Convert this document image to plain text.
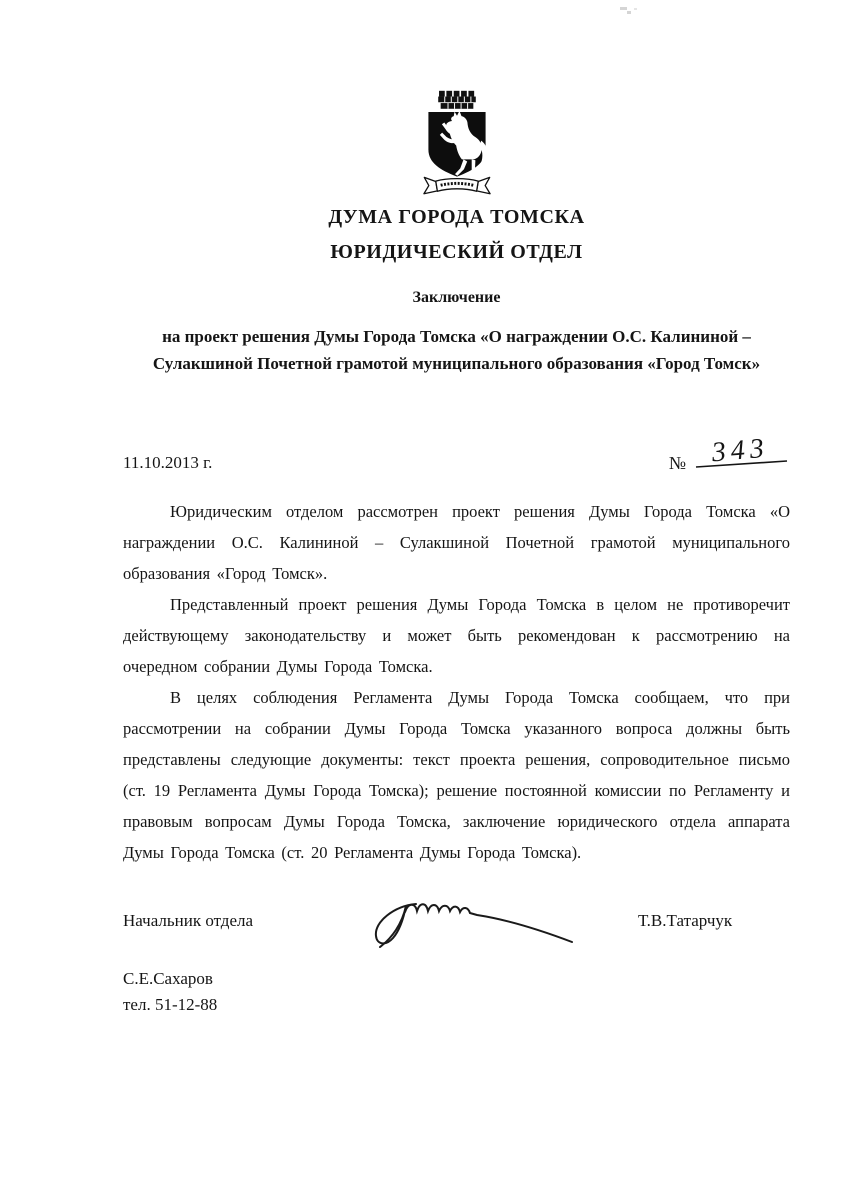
ДУМА ГОРОДА ТОМСКА
ЮРИДИЧЕСКИЙ ОТДЕЛ
Заключение
на проект решения Думы Города Томска «О награждении О.С. Калининой – Сулакшиной Почетной грамотой муниципального образования «Город Томск»
11.10.2013 г.	№ 343

Юридическим отделом рассмотрен проект решения Думы Города Томска «О награждении О.С. Калининой – Сулакшиной Почетной грамотой муниципального образования «Город Томск».

Представленный проект решения Думы Города Томска в целом не противоречит действующему законодательству и может быть рекомендован к рассмотрению на очередном собрании Думы Города Томска.

В целях соблюдения Регламента Думы Города Томска сообщаем, что при рассмотрении на собрании Думы Города Томска указанного вопроса должны быть представлены следующие документы: текст проекта решения, сопроводительное письмо (ст. 19 Регламента Думы Города Томска); решение постоянной комиссии по Регламенту и правовым вопросам Думы Города Томска, заключение юридического отдела аппарата Думы Города Томска (ст. 20 Регламента Думы Города Томска).

Начальник отдела	Т.В.Татарчук
С.Е.Сахаров
тел. 51-12-88
